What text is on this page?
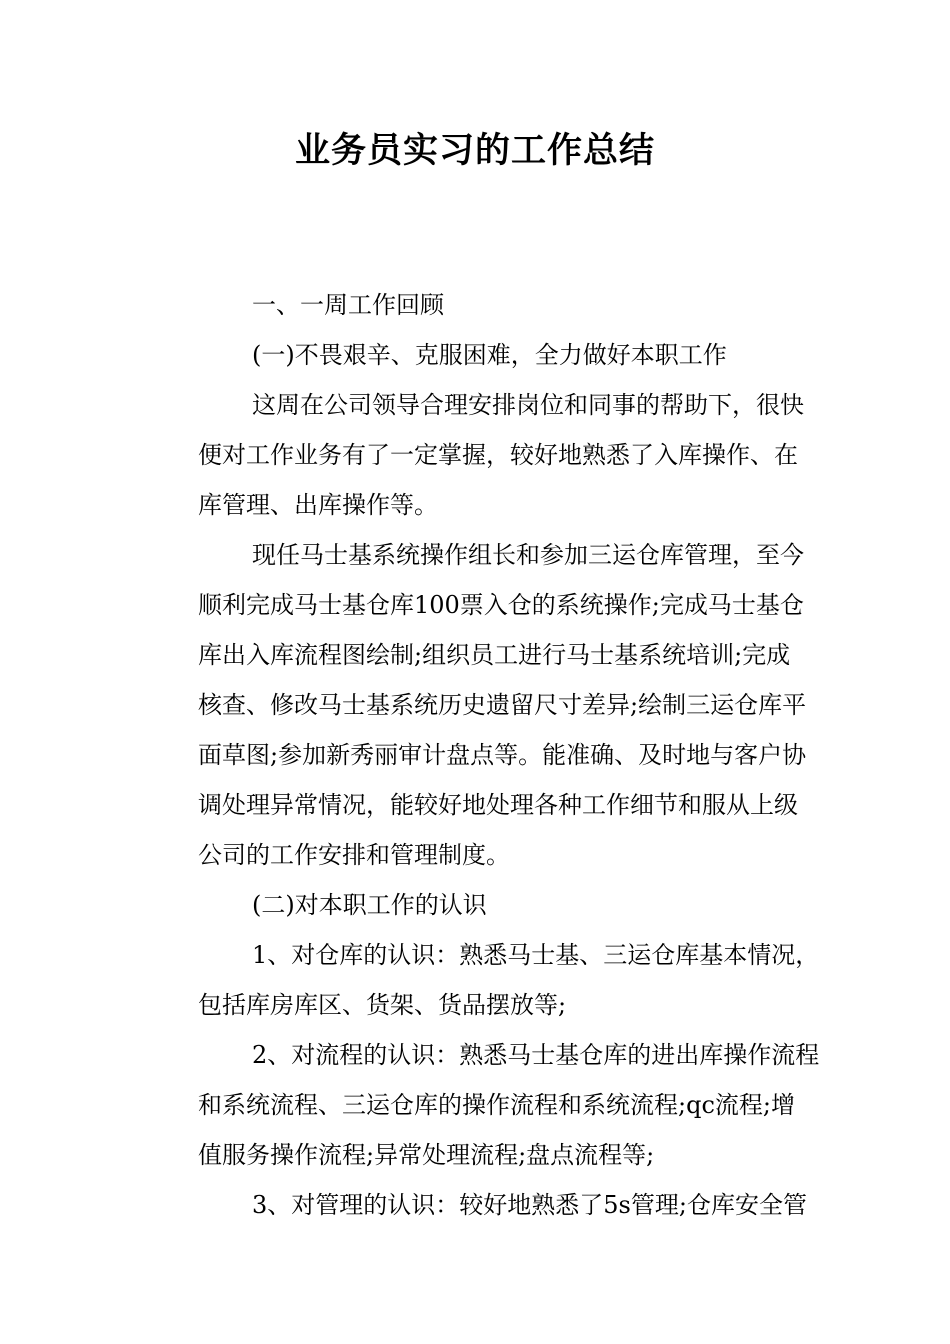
业务员实习的工作总结
一、一周工作回顾
(一)不畏艰辛、克服困难，全力做好本职工作
这周在公司领导合理安排岗位和同事的帮助下，很快
便对工作业务有了一定掌握，较好地熟悉了入库操作、在
库管理、出库操作等。
现任马士基系统操作组长和参加三运仓库管理，至今
顺利完成马士基仓库100票入仓的系统操作;完成马士基仓
库出入库流程图绘制;组织员工进行马士基系统培训;完成
核查、修改马士基系统历史遗留尺寸差异;绘制三运仓库平
面草图;参加新秀丽审计盘点等。能准确、及时地与客户协
调处理异常情况，能较好地处理各种工作细节和服从上级
公司的工作安排和管理制度。
(二)对本职工作的认识
1、对仓库的认识：熟悉马士基、三运仓库基本情况，
包括库房库区、货架、货品摆放等;
2、对流程的认识：熟悉马士基仓库的进出库操作流程
和系统流程、三运仓库的操作流程和系统流程;qc流程;增
值服务操作流程;异常处理流程;盘点流程等;
3、对管理的认识：较好地熟悉了5s管理;仓库安全管
